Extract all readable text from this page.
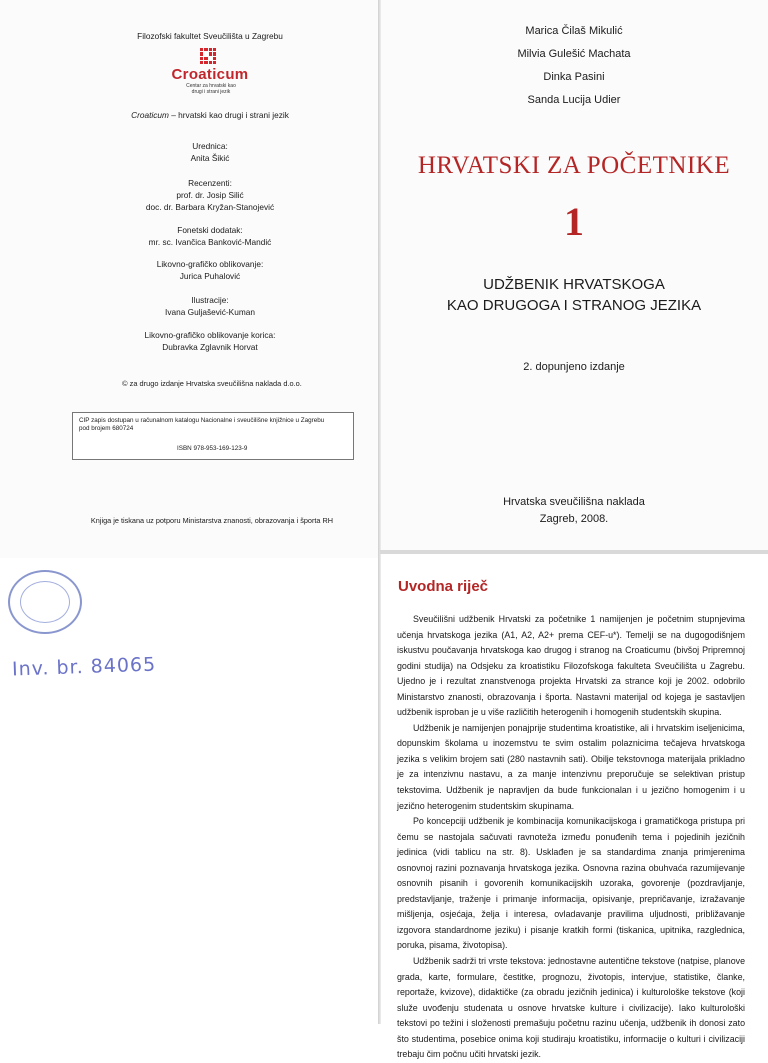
Filozofski fakultet Sveučilišta u Zagrebu
Croaticum
Centar za hrvatski kao
drugi i strani jezik
Croaticum – hrvatski kao drugi i strani jezik
Urednica:
Anita Šikić
Recenzenti:
prof. dr. Josip Silić
doc. dr. Barbara Kryžan-Stanojević
Fonetski dodatak:
mr. sc. Ivančica Banković-Mandić
Likovno-grafičko oblikovanje:
Jurica Puhalović
Ilustracije:
Ivana Guljašević-Kuman
Likovno-grafičko oblikovanje korica:
Dubravka Zglavnik Horvat
© za drugo izdanje Hrvatska sveučilišna naklada d.o.o.
CIP zapis dostupan u računalnom katalogu Nacionalne i sveučilišne knjižnice u Zagrebu
pod brojem 680724
ISBN 978-953-169-123-9
Knjiga je tiskana uz potporu Ministarstva znanosti, obrazovanja i športa RH
Inv. br. 84065
Marica Čilaš Mikulić
Milvia Gulešić Machata
Dinka Pasini
Sanda Lucija Udier
HRVATSKI ZA POČETNIKE
1
UDŽBENIK HRVATSKOGA
KAO DRUGOGA I STRANOG JEZIKA
2. dopunjeno izdanje
Hrvatska sveučilišna naklada
Zagreb, 2008.
Uvodna riječ

Sveučilišni udžbenik Hrvatski za početnike 1 namijenjen je početnim stupnjevima učenja hrvatskoga jezika (A1, A2, A2+ prema CEF-u*). Temelji se na dugogodišnjem iskustvu poučavanja hrvatskoga kao drugog i stranog na Croaticumu (bivšoj Pripremnoj godini studija) na Odsjeku za kroatistiku Filozofskoga fakulteta Sveučilišta u Zagrebu. Ujedno je i rezultat znanstvenoga projekta Hrvatski za strance koji je 2002. odobrilo Ministarstvo znanosti, obrazovanja i športa. Nastavni materijal od kojega je sastavljen udžbenik isproban je u više različitih heterogenih i homogenih studentskih skupina.

Udžbenik je namijenjen ponajprije studentima kroatistike, ali i hrvatskim iseljenicima, dopunskim školama u inozemstvu te svim ostalim polaznicima tečajeva hrvatskoga jezika s velikim brojem sati (280 nastavnih sati). Obilje tekstovnoga materijala prikladno je za intenzivnu nastavu, a za manje intenzivnu preporučuje se selektivan pristup tekstovima. Udžbenik je napravljen da bude funkcionalan i u jezično homogenim i u jezično heterogenim studentskim skupinama.

Po koncepciji udžbenik je kombinacija komunikacijskoga i gramatičkoga pristupa pri čemu se nastojala sačuvati ravnoteža između ponuđenih tema i pojedinih jezičnih jedinica (vidi tablicu na str. 8). Usklađen je sa standardima znanja primjerenima osnovnoj razini poznavanja hrvatskoga jezika. Osnovna razina obuhvaća razumijevanje osnovnih pisanih i govorenih komunikacijskih uzoraka, govorenje (pozdravljanje, predstavljanje, traženje i primanje informacija, opisivanje, prepričavanje, izražavanje mišljenja, osjećaja, želja i interesa, ovladavanje pravilima uljudnosti, približavanje izgovora standardnome jeziku) i pisanje kratkih formi (tiskanica, upitnika, razglednica, poruka, pisama, životopisa).

Udžbenik sadrži tri vrste tekstova: jednostavne autentične tekstove (natpise, planove grada, karte, formulare, čestitke, prognozu, životopis, intervjue, statistike, članke, reportaže, kvizove), didaktičke (za obradu jezičnih jedinica) i kulturološke tekstove (koji služe uvođenju studenata u osnove hrvatske kulture i civilizacije). Iako kulturološki tekstovi po težini i složenosti premašuju početnu razinu učenja, udžbenik ih donosi zato što studentima, posebice onima koji studiraju kroatistiku, informacije o kulturi i civilizaciji trebaju čim počnu učiti hrvatski jezik.
